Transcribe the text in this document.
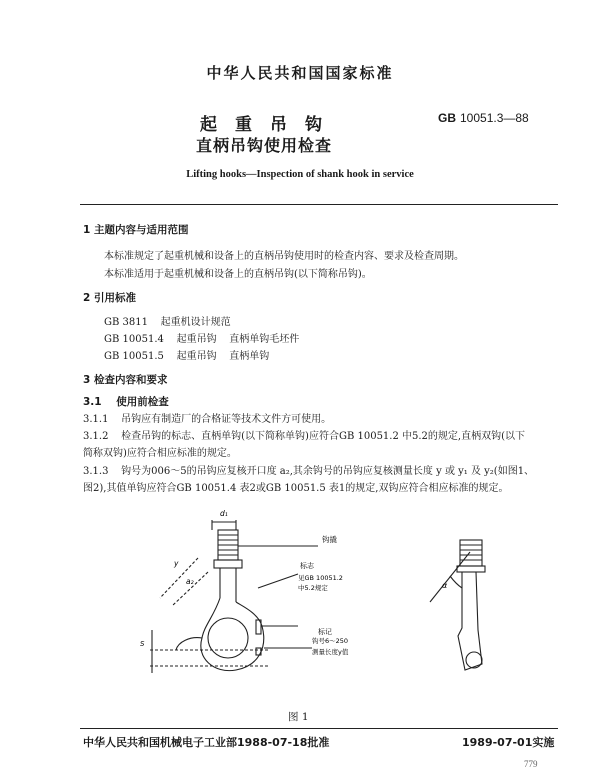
中华人民共和国国家标准
起重吊钩	GB 10051.3—88
直柄吊钩使用检查
Lifting hooks—Inspection of shank hook in service
1 主题内容与适用范围
本标准规定了起重机械和设备上的直柄吊钩使用时的检查内容、要求及检查周期。
本标准适用于起重机械和设备上的直柄吊钩(以下简称吊钩)。
2 引用标准
GB 3811    起重机设计规范
GB 10051.4    起重吊钩    直柄单钩毛坯件
GB 10051.5    起重吊钩    直柄单钩
3 检查内容和要求
3.1    使用前检查
3.1.1    吊钩应有制造厂的合格证等技术文件方可使用。
3.1.2    检查吊钩的标志、直柄单钩(以下简称单钩)应符合GB 10051.2 中5.2的规定,直柄双钩(以下
简称双钩)应符合相应标准的规定。
3.1.3    钩号为006～5的吊钩应复核开口度 a₂,其余钩号的吊钩应复核测量长度 y 或 y₁ 及 y₂(如图1、
图2),其值单钩应符合GB 10051.4 表2或GB 10051.5 表1的规定,双钩应符合相应标准的规定。
d₁
钩撬
标志
见GB 10051.2
中5.2规定
标记
钩号6～250
测量长度y值
y
a₂
S
α
图 1
中华人民共和国机械电子工业部1988-07-18批准	1989-07-01实施
779
